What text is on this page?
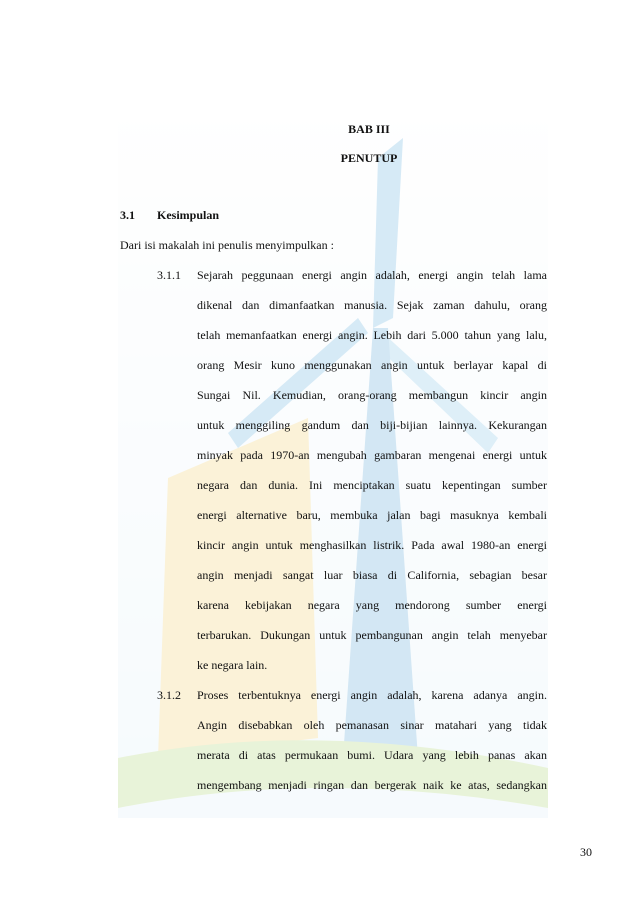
BAB III
PENUTUP
3.1 Kesimpulan
Dari isi makalah ini penulis menyimpulkan :
3.1.1 Sejarah peggunaan energi angin adalah, energi angin telah lama
dikenal dan dimanfaatkan manusia. Sejak zaman dahulu, orang
telah memanfaatkan energi angin. Lebih dari 5.000 tahun yang lalu,
orang Mesir kuno menggunakan angin untuk berlayar kapal di
Sungai Nil. Kemudian, orang-orang membangun kincir angin
untuk menggiling gandum dan biji-bijian lainnya. Kekurangan
minyak pada 1970-an mengubah gambaran mengenai energi untuk
negara dan dunia. Ini menciptakan suatu kepentingan sumber
energi alternative baru, membuka jalan bagi masuknya kembali
kincir angin untuk menghasilkan listrik. Pada awal 1980-an energi
angin menjadi sangat luar biasa di California, sebagian besar
karena kebijakan negara yang mendorong sumber energi
terbarukan. Dukungan untuk pembangunan angin telah menyebar
ke negara lain.
3.1.2 Proses terbentuknya energi angin adalah, karena adanya angin.
Angin disebabkan oleh pemanasan sinar matahari yang tidak
merata di atas permukaan bumi. Udara yang lebih panas akan
mengembang menjadi ringan dan bergerak naik ke atas, sedangkan
30
